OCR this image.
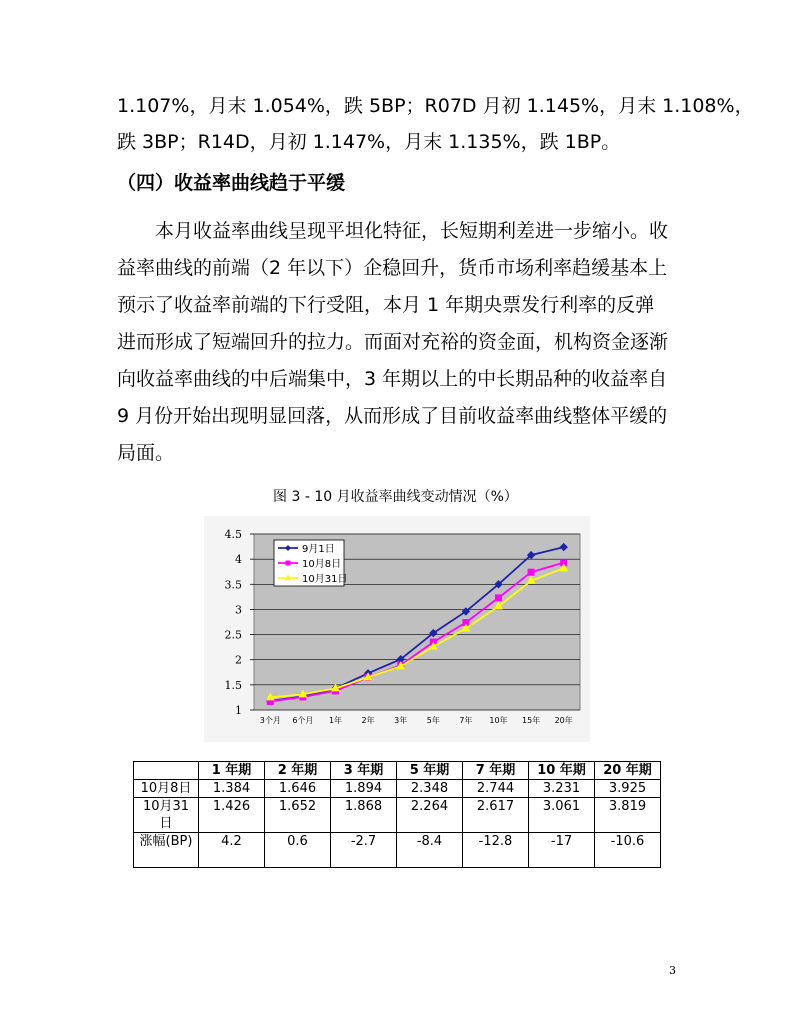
1.107%，月末 1.054%，跌 5BP；R07D 月初 1.145%，月末 1.108%，
跌 3BP；R14D，月初 1.147%，月末 1.135%，跌 1BP。
（四）收益率曲线趋于平缓
　　本月收益率曲线呈现平坦化特征，长短期利差进一步缩小。收
益率曲线的前端（2 年以下）企稳回升，货币市场利率趋缓基本上
预示了收益率前端的下行受阻，本月 1 年期央票发行利率的反弹
进而形成了短端回升的拉力。而面对充裕的资金面，机构资金逐渐
向收益率曲线的中后端集中，3 年期以上的中长期品种的收益率自
9 月份开始出现明显回落，从而形成了目前收益率曲线整体平缓的
局面。
图 3 - 10 月收益率曲线变动情况（%）
1
1.5
2
2.5
3
3.5
4
4.5
3个月 6个月 1年 2年 3年 5年 7年 10年 15年 20年
9月1日
10月8日
10月31日
	1 年期	2 年期	3 年期	5 年期	7 年期	10 年期	20 年期
10月8日	1.384	1.646	1.894	2.348	2.744	3.231	3.925
10月31日	1.426	1.652	1.868	2.264	2.617	3.061	3.819
涨幅(BP)	4.2	0.6	-2.7	-8.4	-12.8	-17	-10.6
3
